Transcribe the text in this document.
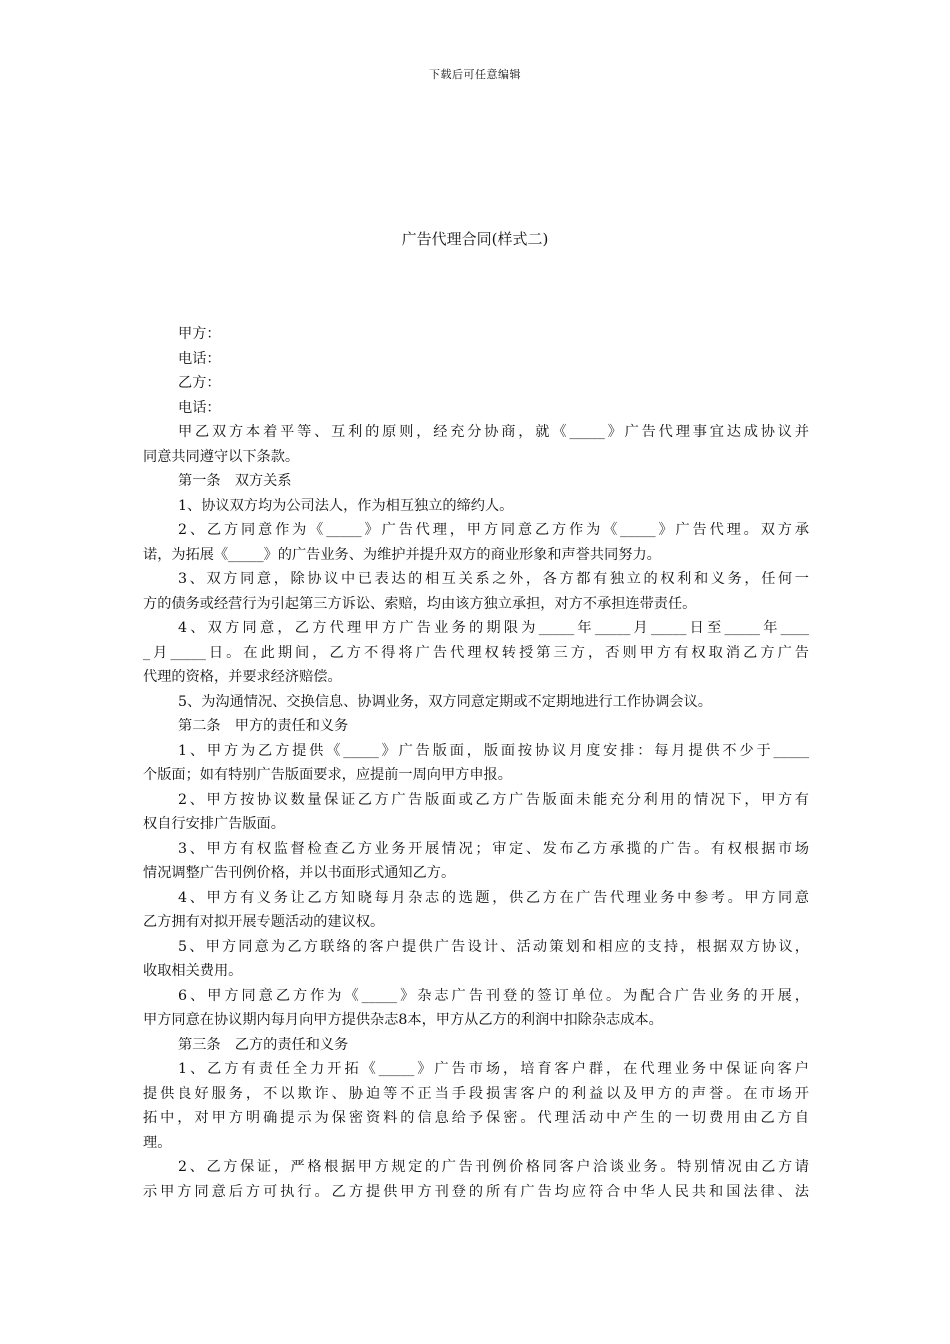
下载后可任意编辑
广告代理合同(样式二)
甲方：
电话：
乙方：
电话：
甲乙双方本着平等、互利的原则，经充分协商，就《_____》广告代理事宜达成协议并
同意共同遵守以下条款。
第一条　双方关系
1、协议双方均为公司法人，作为相互独立的缔约人。
2、乙方同意作为《_____》广告代理，甲方同意乙方作为《_____》广告代理。双方承
诺，为拓展《_____》的广告业务、为维护并提升双方的商业形象和声誉共同努力。
3、双方同意，除协议中已表达的相互关系之外，各方都有独立的权利和义务，任何一
方的债务或经营行为引起第三方诉讼、索赔，均由该方独立承担，对方不承担连带责任。
4、双方同意，乙方代理甲方广告业务的期限为_____年_____月_____日至_____年____
_月_____日。在此期间，乙方不得将广告代理权转授第三方，否则甲方有权取消乙方广告
代理的资格，并要求经济赔偿。
5、为沟通情况、交换信息、协调业务，双方同意定期或不定期地进行工作协调会议。
第二条　甲方的责任和义务
1、甲方为乙方提供《_____》广告版面，版面按协议月度安排：每月提供不少于_____
个版面；如有特别广告版面要求，应提前一周向甲方申报。
2、甲方按协议数量保证乙方广告版面或乙方广告版面未能充分利用的情况下，甲方有
权自行安排广告版面。
3、甲方有权监督检查乙方业务开展情况；审定、发布乙方承揽的广告。有权根据市场
情况调整广告刊例价格，并以书面形式通知乙方。
4、甲方有义务让乙方知晓每月杂志的选题，供乙方在广告代理业务中参考。甲方同意
乙方拥有对拟开展专题活动的建议权。
5、甲方同意为乙方联络的客户提供广告设计、活动策划和相应的支持，根据双方协议，
收取相关费用。
6、甲方同意乙方作为《_____》杂志广告刊登的签订单位。为配合广告业务的开展，
甲方同意在协议期内每月向甲方提供杂志8本，甲方从乙方的利润中扣除杂志成本。
第三条　乙方的责任和义务
1、乙方有责任全力开拓《_____》广告市场，培育客户群，在代理业务中保证向客户
提供良好服务，不以欺诈、胁迫等不正当手段损害客户的利益以及甲方的声誉。在市场开
拓中，对甲方明确提示为保密资料的信息给予保密。代理活动中产生的一切费用由乙方自
理。
2、乙方保证，严格根据甲方规定的广告刊例价格同客户洽谈业务。特别情况由乙方请
示甲方同意后方可执行。乙方提供甲方刊登的所有广告均应符合中华人民共和国法律、法
